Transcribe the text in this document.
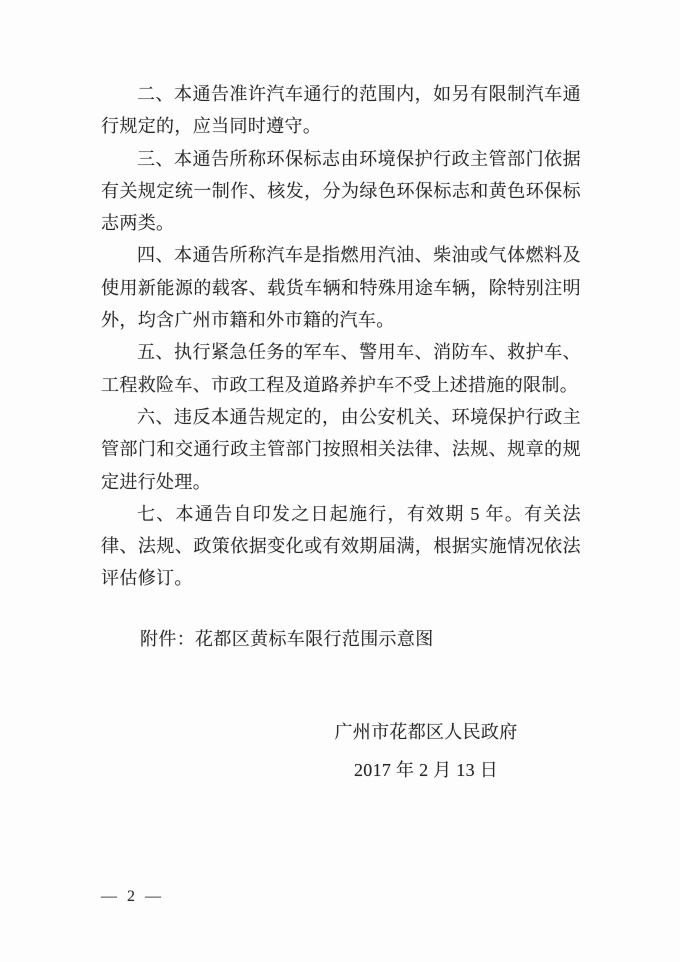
二、本通告准许汽车通行的范围内，如另有限制汽车通行规定的，应当同时遵守。

三、本通告所称环保标志由环境保护行政主管部门依据有关规定统一制作、核发，分为绿色环保标志和黄色环保标志两类。

四、本通告所称汽车是指燃用汽油、柴油或气体燃料及使用新能源的载客、载货车辆和特殊用途车辆，除特别注明外，均含广州市籍和外市籍的汽车。

五、执行紧急任务的军车、警用车、消防车、救护车、工程救险车、市政工程及道路养护车不受上述措施的限制。

六、违反本通告规定的，由公安机关、环境保护行政主管部门和交通行政主管部门按照相关法律、法规、规章的规定进行处理。

七、本通告自印发之日起施行，有效期 5 年。有关法律、法规、政策依据变化或有效期届满，根据实施情况依法评估修订。

附件：花都区黄标车限行范围示意图

广州市花都区人民政府
2017 年 2 月 13 日
— 2 —
